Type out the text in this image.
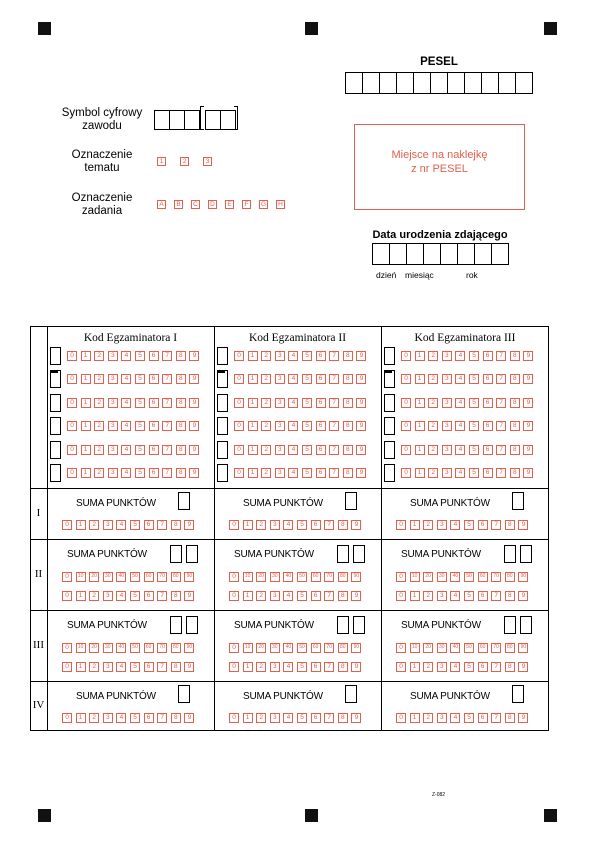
PESEL
Symbol cyfrowy
zawodu
Oznaczenie
tematu
1	2	3
Oznaczenie
zadania
A	B	C	D	E	F	G	H
Miejsce na naklejkę
z nr PESEL
Data urodzenia zdającego
dzień miesiąc	rok
Kod Egzaminatora I
0	1	2	3	4	5	6	7	8	9
0	1	2	3	4	5	6	7	8	9
0	1	2	3	4	5	6	7	8	9
0	1	2	3	4	5	6	7	8	9
0	1	2	3	4	5	6	7	8	9
0	1	2	3	4	5	6	7	8	9
Kod Egzaminatora II
0	1	2	3	4	5	6	7	8	9
0	1	2	3	4	5	6	7	8	9
0	1	2	3	4	5	6	7	8	9
0	1	2	3	4	5	6	7	8	9
0	1	2	3	4	5	6	7	8	9
0	1	2	3	4	5	6	7	8	9
Kod Egzaminatora III
0	1	2	3	4	5	6	7	8	9
0	1	2	3	4	5	6	7	8	9
0	1	2	3	4	5	6	7	8	9
0	1	2	3	4	5	6	7	8	9
0	1	2	3	4	5	6	7	8	9
0	1	2	3	4	5	6	7	8	9
I
SUMA PUNKTÓW
0	1	2	3	4	5	6	7	8	9
SUMA PUNKTÓW
0	1	2	3	4	5	6	7	8	9
SUMA PUNKTÓW
0	1	2	3	4	5	6	7	8	9
II
SUMA PUNKTÓW
0	10	20	30	40	50	60	70	80	90
0	1	2	3	4	5	6	7	8	9
SUMA PUNKTÓW
0	10	20	30	40	50	60	70	80	90
0	1	2	3	4	5	6	7	8	9
SUMA PUNKTÓW
0	10	20	30	40	50	60	70	80	90
0	1	2	3	4	5	6	7	8	9
III
SUMA PUNKTÓW
0	10	20	30	40	50	60	70	80	90
0	1	2	3	4	5	6	7	8	9
SUMA PUNKTÓW
0	10	20	30	40	50	60	70	80	90
0	1	2	3	4	5	6	7	8	9
SUMA PUNKTÓW
0	10	20	30	40	50	60	70	80	90
0	1	2	3	4	5	6	7	8	9
IV
SUMA PUNKTÓW
0	1	2	3	4	5	6	7	8	9
SUMA PUNKTÓW
0	1	2	3	4	5	6	7	8	9
SUMA PUNKTÓW
0	1	2	3	4	5	6	7	8	9
Z-082
